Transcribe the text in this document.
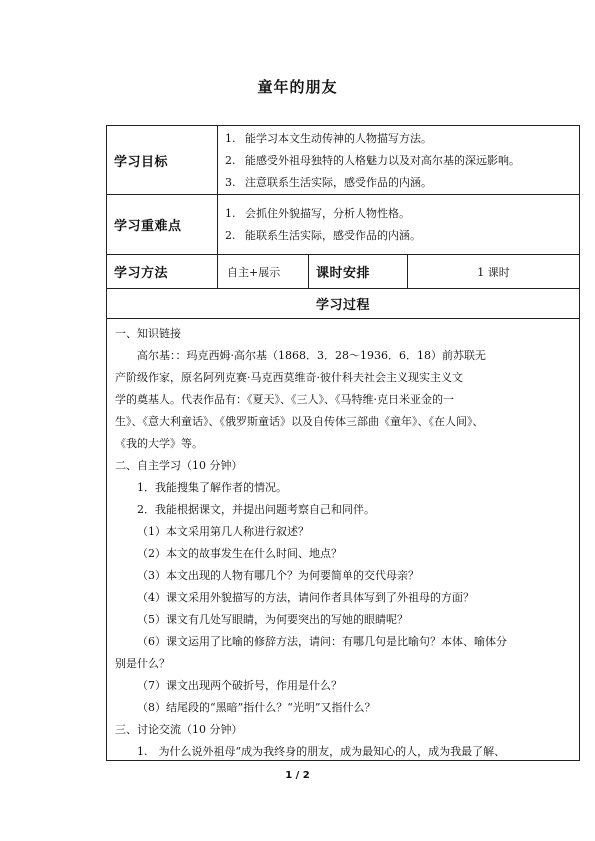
童年的朋友
学习目标
1. 能学习本文生动传神的人物描写方法。
2. 能感受外祖母独特的人格魅力以及对高尔基的深远影响。
3. 注意联系生活实际，感受作品的内涵。
学习重难点
1. 会抓住外貌描写，分析人物性格。
2. 能联系生活实际，感受作品的内涵。
学习方法	自主+展示	课时安排	1 课时
学习过程

一、知识链接

高尔基：：玛克西姆·高尔基（1868．3．28～1936．6．18）前苏联无

产阶级作家，原名阿列克赛·马克西莫维奇·彼什科夫社会主义现实主义文

学的奠基人。代表作品有：《夏天》、《三人》、《马特维·克日米亚金的一

生》、《意大利童话》、《俄罗斯童话》以及自传体三部曲《童年》、《在人间》、

《我的大学》等。

二、自主学习（10 分钟）

1．我能搜集了解作者的情况。

2．我能根据课文，并提出问题考察自己和同伴。

（1）本文采用第几人称进行叙述？

（2）本文的故事发生在什么时间、地点？

（3）本文出现的人物有哪几个？为何要简单的交代母亲？

（4）课文采用外貌描写的方法，请问作者具体写到了外祖母的方面？

（5）课文有几处写眼睛，为何要突出的写她的眼睛呢？

（6）课文运用了比喻的修辞方法，请问：有哪几句是比喻句？本体、喻体分

别是什么？

（7）课文出现两个破折号，作用是什么？

（8）结尾段的“黑暗”指什么？“光明”又指什么？

三、讨论交流（10 分钟）

1.　为什么说外祖母“成为我终身的朋友，成为最知心的人，成为我最了解、

1 / 2
